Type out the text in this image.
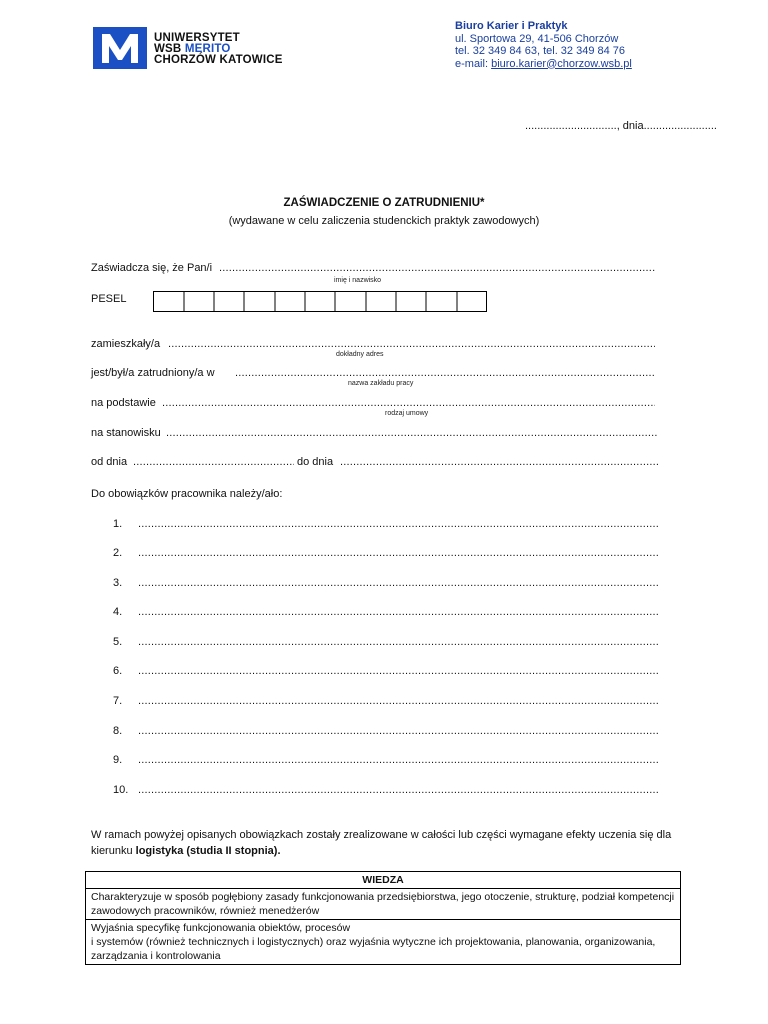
UNIWERSYTET
WSB MERITO
CHORZÓW KATOWICE
Biuro Karier i Praktyk
ul. Sportowa 29, 41-506 Chorzów
tel. 32 349 84 63, tel. 32 349 84 76
e-mail: biuro.karier@chorzow.wsb.pl
.............................., dnia........................
ZAŚWIADCZENIE O ZATRUDNIENIU*
(wydawane w celu zaliczenia studenckich praktyk zawodowych)
Zaświadcza się, że Pan/i
.....
imię i nazwisko
PESEL
zamieszkały/a
.....
dokładny adres
jest/był/a zatrudniony/a w
.....
nazwa zakładu pracy
na podstawie
.....
rodzaj umowy
na stanowisku
.....
od dnia
.....	do dnia
.....
Do obowiązków pracownika należy/ało:
1.
.....
2.
.....
3.
.....
4.
.....
5.
.....
6.
.....
7.
.....
8.
.....
9.
.....
10.
.....
W ramach powyżej opisanych obowiązkach zostały zrealizowane w całości lub części wymagane efekty uczenia się dla kierunku logistyka (studia II stopnia).
WIEDZA
Charakteryzuje w sposób pogłębiony zasady funkcjonowania przedsiębiorstwa, jego otoczenie, strukturę, podział kompetencji zawodowych pracowników, również menedżerów

Wyjaśnia specyfikę funkcjonowania obiektów, procesów
i systemów (również technicznych i logistycznych) oraz wyjaśnia wytyczne ich projektowania, planowania, organizowania, zarządzania i kontrolowania
